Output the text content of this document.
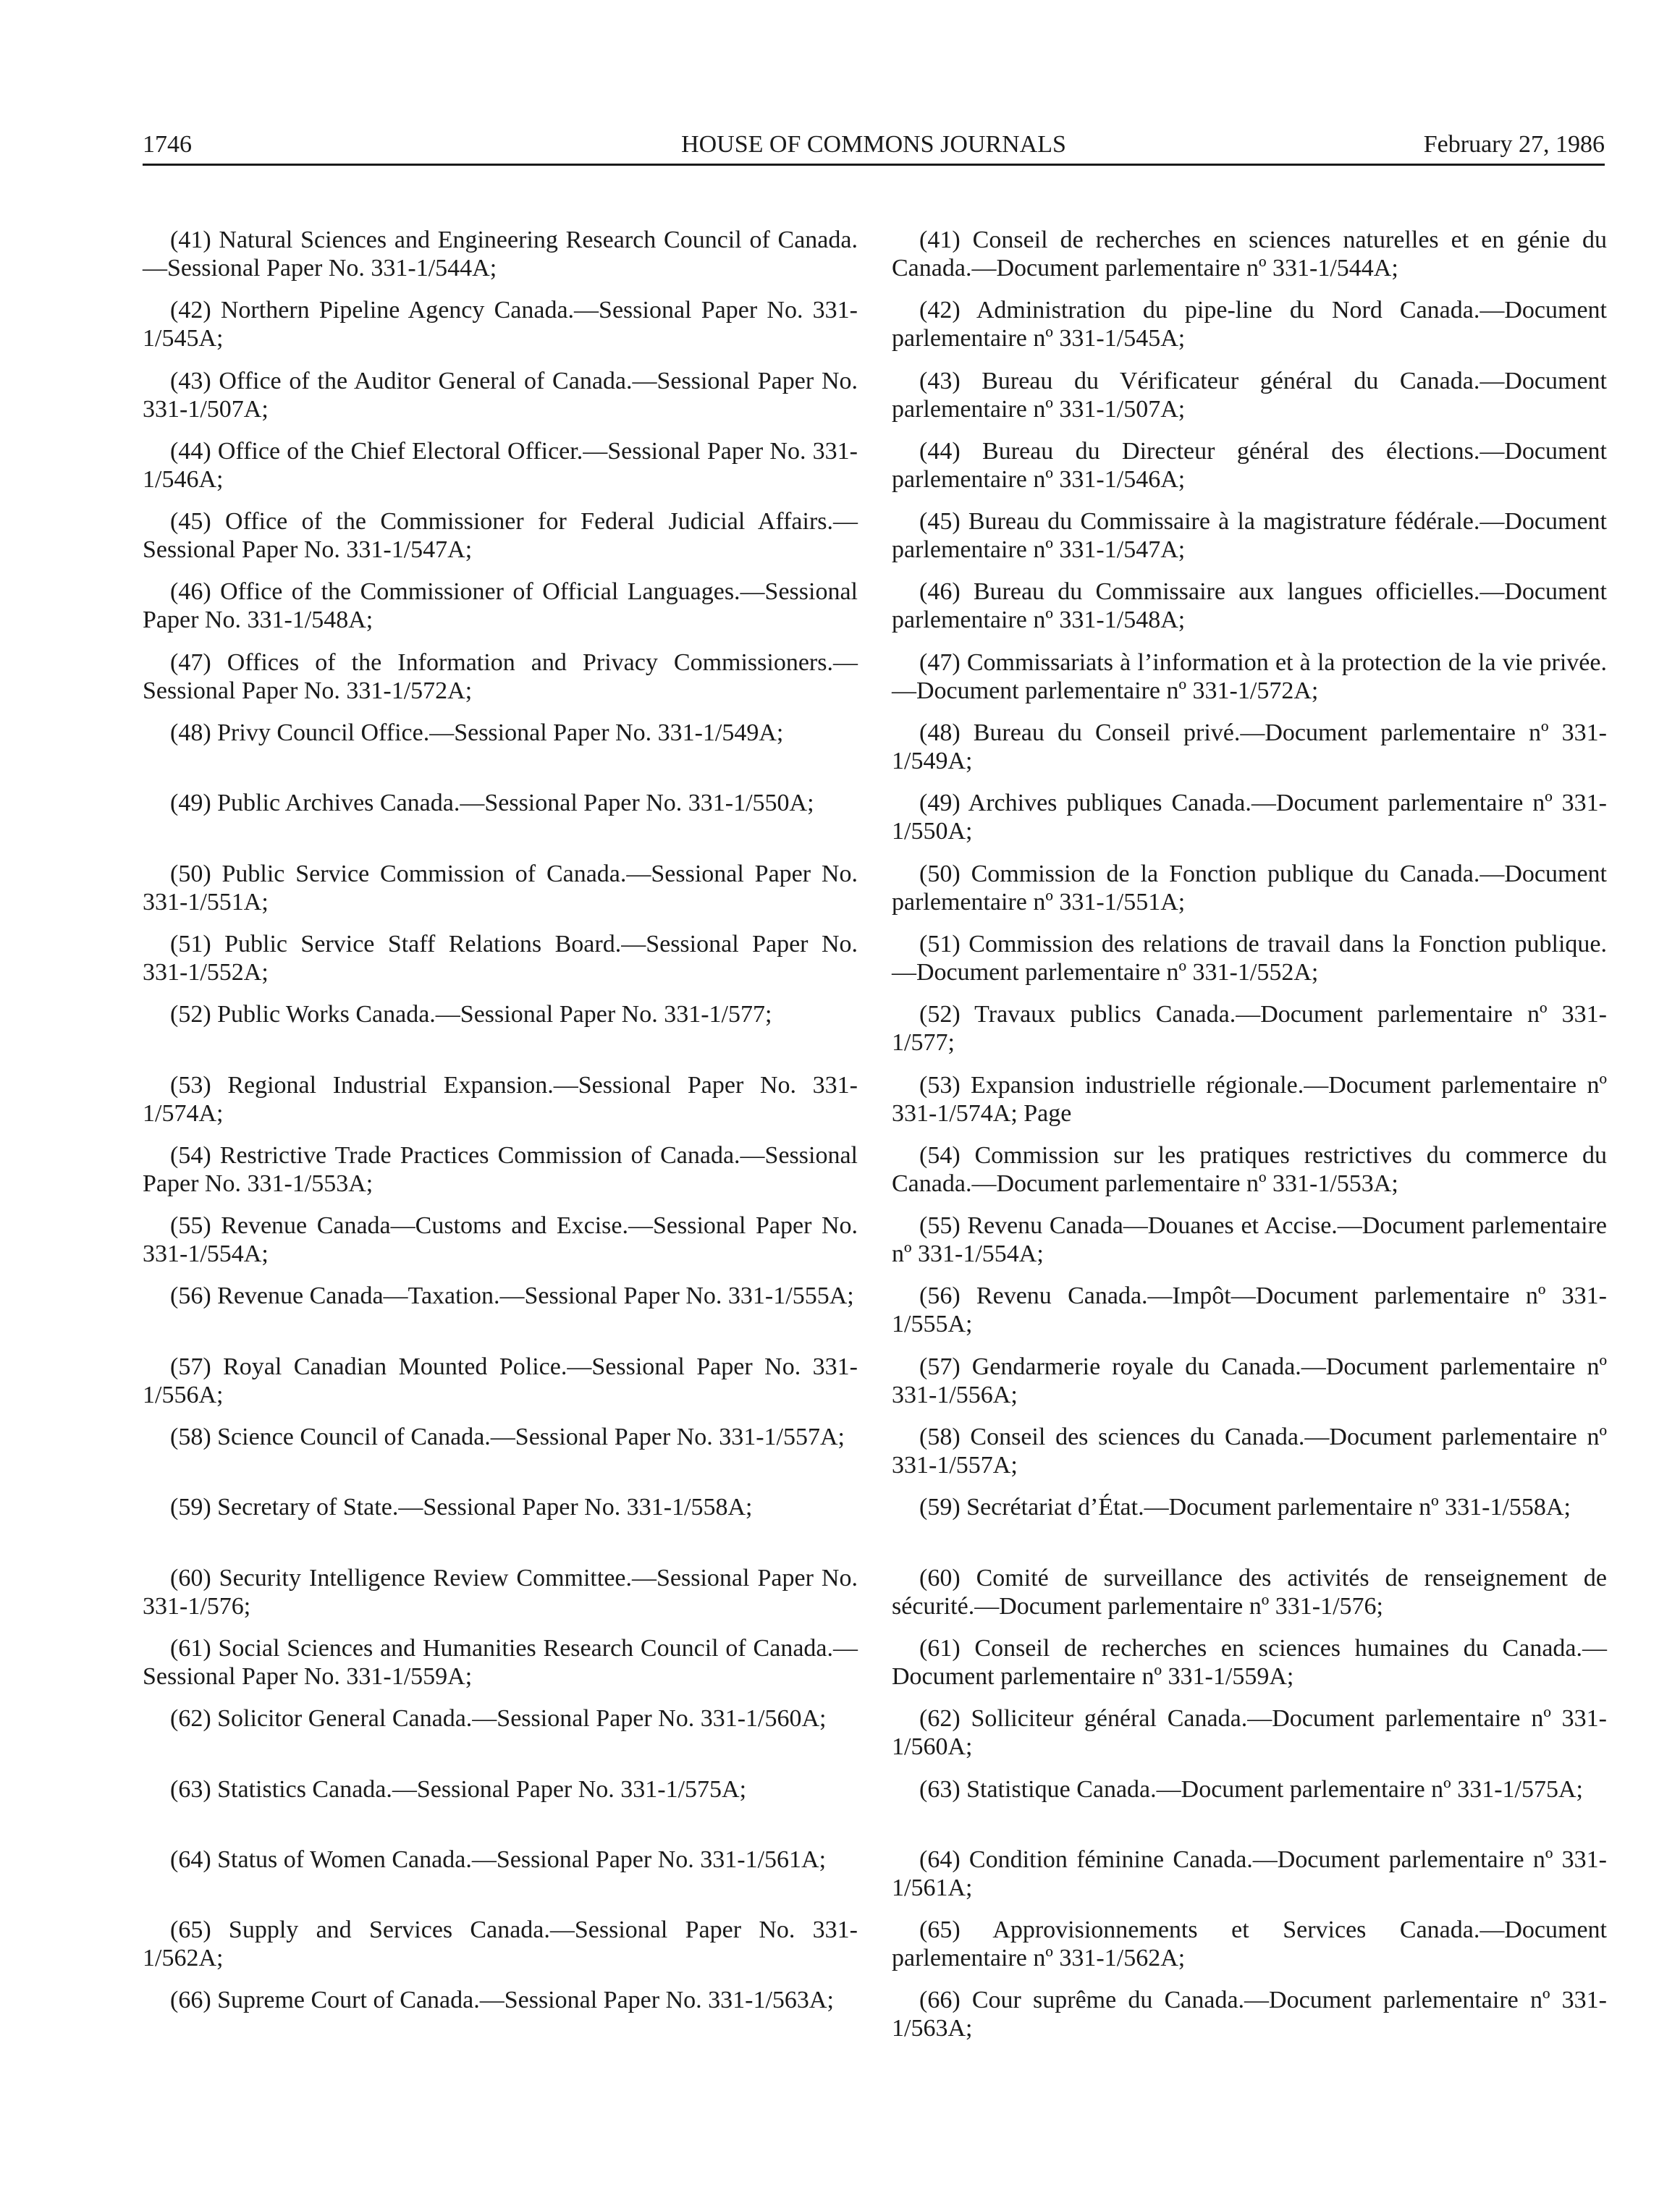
1746	HOUSE OF COMMONS JOURNALS	February 27, 1986

(41) Natural Sciences and Engineering Research Council of Canada.—Sessional Paper No. 331-1/544A;

(42) Northern Pipeline Agency Canada.—Sessional Paper No. 331-1/545A;

(43) Office of the Auditor General of Canada.—Sessional Paper No. 331-1/507A;

(44) Office of the Chief Electoral Officer.—Sessional Paper No. 331-1/546A;

(45) Office of the Commissioner for Federal Judicial Affairs.—Sessional Paper No. 331-1/547A;

(46) Office of the Commissioner of Official Languages.—Sessional Paper No. 331-1/548A;

(47) Offices of the Information and Privacy Commissioners.—Sessional Paper No. 331-1/572A;

(48) Privy Council Office.—Sessional Paper No. 331-1/549A;

(49) Public Archives Canada.—Sessional Paper No. 331-1/550A;

(50) Public Service Commission of Canada.—Sessional Paper No. 331-1/551A;

(51) Public Service Staff Relations Board.—Sessional Paper No. 331-1/552A;

(52) Public Works Canada.—Sessional Paper No. 331-1/577;

(53) Regional Industrial Expansion.—Sessional Paper No. 331-1/574A;

(54) Restrictive Trade Practices Commission of Canada.—Sessional Paper No. 331-1/553A;

(55) Revenue Canada—Customs and Excise.—Sessional Paper No. 331-1/554A;

(56) Revenue Canada—Taxation.—Sessional Paper No. 331-1/555A;

(57) Royal Canadian Mounted Police.—Sessional Paper No. 331-1/556A;

(58) Science Council of Canada.—Sessional Paper No. 331-1/557A;

(59) Secretary of State.—Sessional Paper No. 331-1/558A;

(60) Security Intelligence Review Committee.—Sessional Paper No. 331-1/576;

(61) Social Sciences and Humanities Research Council of Canada.—Sessional Paper No. 331-1/559A;

(62) Solicitor General Canada.—Sessional Paper No. 331-1/560A;

(63) Statistics Canada.—Sessional Paper No. 331-1/575A;

(64) Status of Women Canada.—Sessional Paper No. 331-1/561A;

(65) Supply and Services Canada.—Sessional Paper No. 331-1/562A;

(66) Supreme Court of Canada.—Sessional Paper No. 331-1/563A;

(41) Conseil de recherches en sciences naturelles et en génie du Canada.—Document parlementaire nº 331-1/544A;

(42) Administration du pipe-line du Nord Canada.—Document parlementaire nº 331-1/545A;

(43) Bureau du Vérificateur général du Canada.—Document parlementaire nº 331-1/507A;

(44) Bureau du Directeur général des élections.—Document parlementaire nº 331-1/546A;

(45) Bureau du Commissaire à la magistrature fédérale.—Document parlementaire nº 331-1/547A;

(46) Bureau du Commissaire aux langues officielles.—Document parlementaire nº 331-1/548A;

(47) Commissariats à l’information et à la protection de la vie privée.—Document parlementaire nº 331-1/572A;

(48) Bureau du Conseil privé.—Document parlementaire nº 331-1/549A;

(49) Archives publiques Canada.—Document parlementaire nº 331-1/550A;

(50) Commission de la Fonction publique du Canada.—Document parlementaire nº 331-1/551A;

(51) Commission des relations de travail dans la Fonction publique.—Document parlementaire nº 331-1/552A;

(52) Travaux publics Canada.—Document parlementaire nº 331-1/577;

(53) Expansion industrielle régionale.—Document parlementaire nº 331-1/574A; Page

(54) Commission sur les pratiques restrictives du commerce du Canada.—Document parlementaire nº 331-1/553A;

(55) Revenu Canada—Douanes et Accise.—Document parlementaire nº 331-1/554A;

(56) Revenu Canada.—Impôt—Document parlementaire nº 331-1/555A;

(57) Gendarmerie royale du Canada.—Document parlementaire nº 331-1/556A;

(58) Conseil des sciences du Canada.—Document parlementaire nº 331-1/557A;

(59) Secrétariat d’État.—Document parlementaire nº 331-1/558A;

(60) Comité de surveillance des activités de renseignement de sécurité.—Document parlementaire nº 331-1/576;

(61) Conseil de recherches en sciences humaines du Canada.—Document parlementaire nº 331-1/559A;

(62) Solliciteur général Canada.—Document parlementaire nº 331-1/560A;

(63) Statistique Canada.—Document parlementaire nº 331-1/575A;

(64) Condition féminine Canada.—Document parlementaire nº 331-1/561A;

(65) Approvisionnements et Services Canada.—Document parlementaire nº 331-1/562A;

(66) Cour suprême du Canada.—Document parlementaire nº 331-1/563A;
